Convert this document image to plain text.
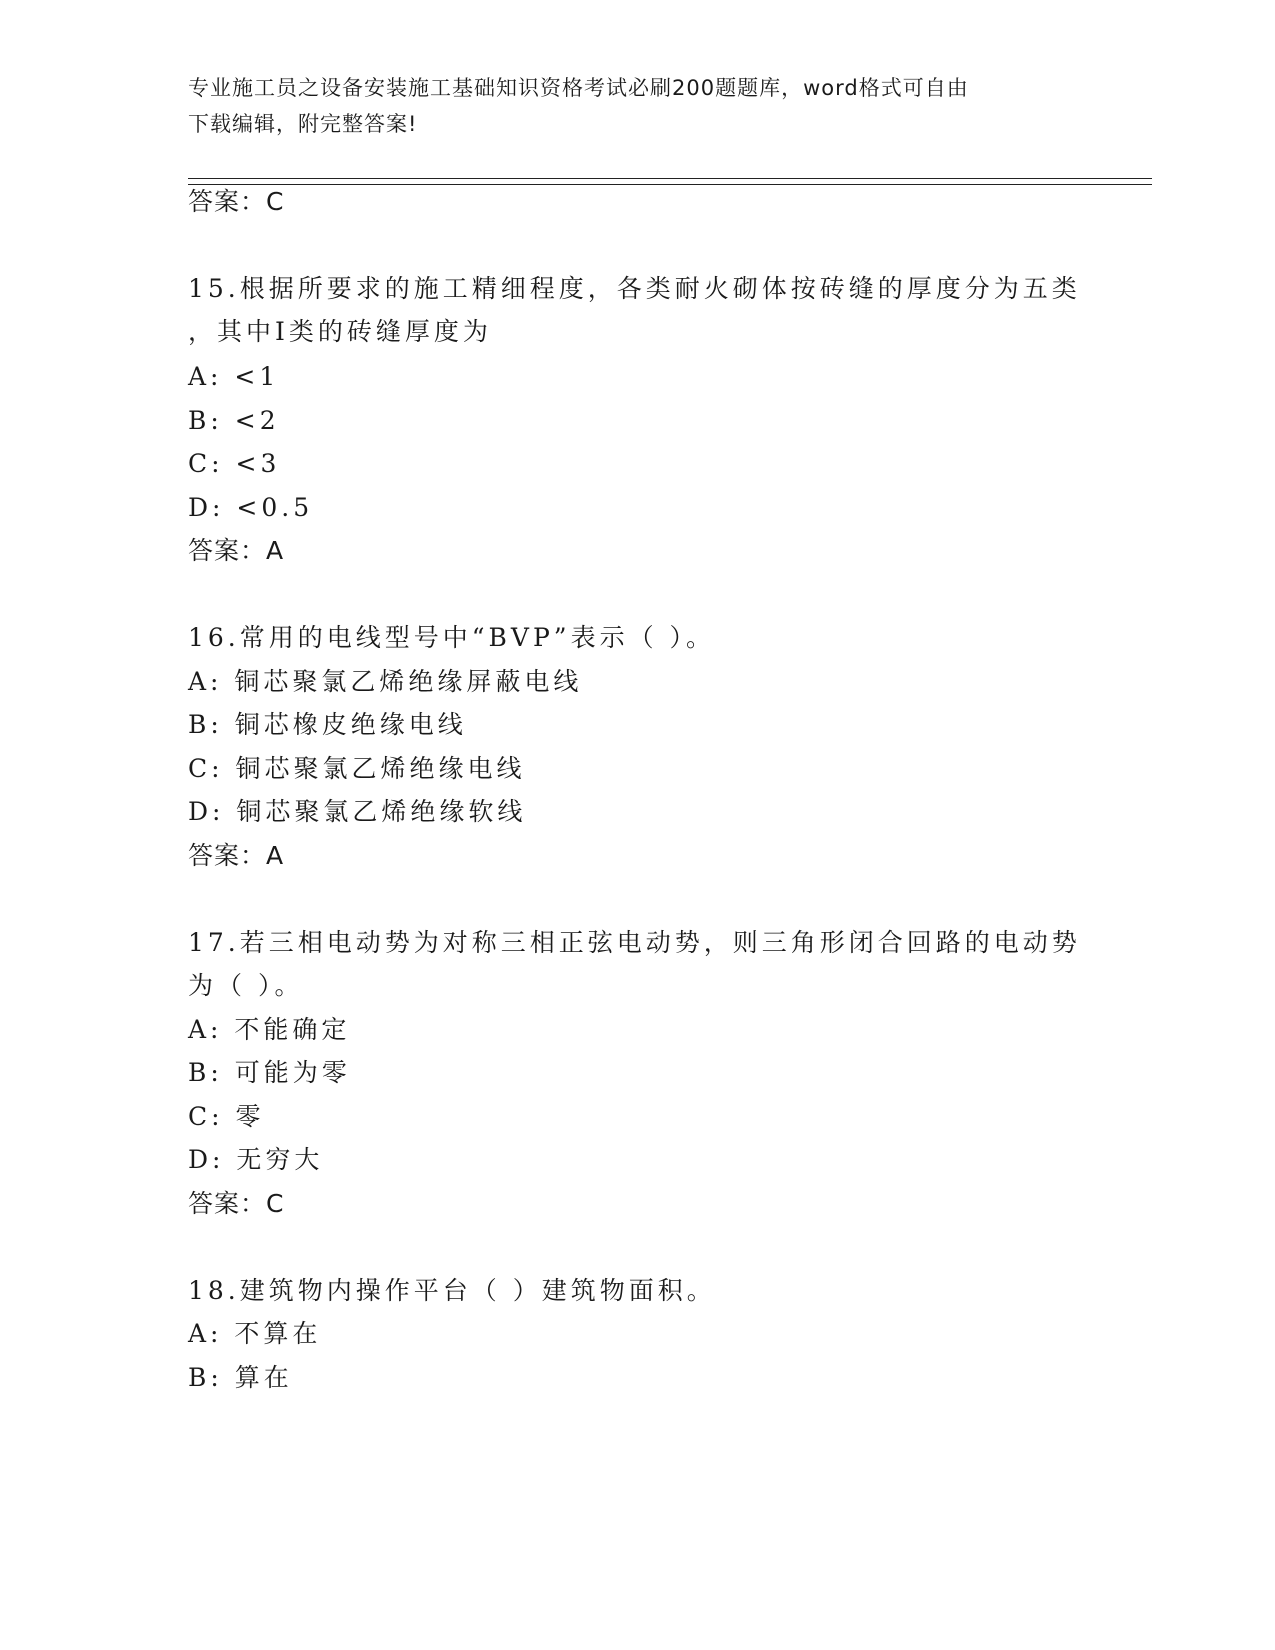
专业施工员之设备安装施工基础知识资格考试必刷200题题库，word格式可自由
下载编辑，附完整答案!
答案：C
15.根据所要求的施工精细程度，各类耐火砌体按砖缝的厚度分为五类
，其中Ⅰ类的砖缝厚度为
A: <1
B: <2
C: <3
D: <0.5
答案：A
16.常用的电线型号中“BVP”表示（ ）。
A: 铜芯聚氯乙烯绝缘屏蔽电线
B: 铜芯橡皮绝缘电线
C: 铜芯聚氯乙烯绝缘电线
D: 铜芯聚氯乙烯绝缘软线
答案：A
17.若三相电动势为对称三相正弦电动势，则三角形闭合回路的电动势
为（ ）。
A: 不能确定
B: 可能为零
C: 零
D: 无穷大
答案：C
18.建筑物内操作平台（ ）建筑物面积。
A: 不算在
B: 算在
